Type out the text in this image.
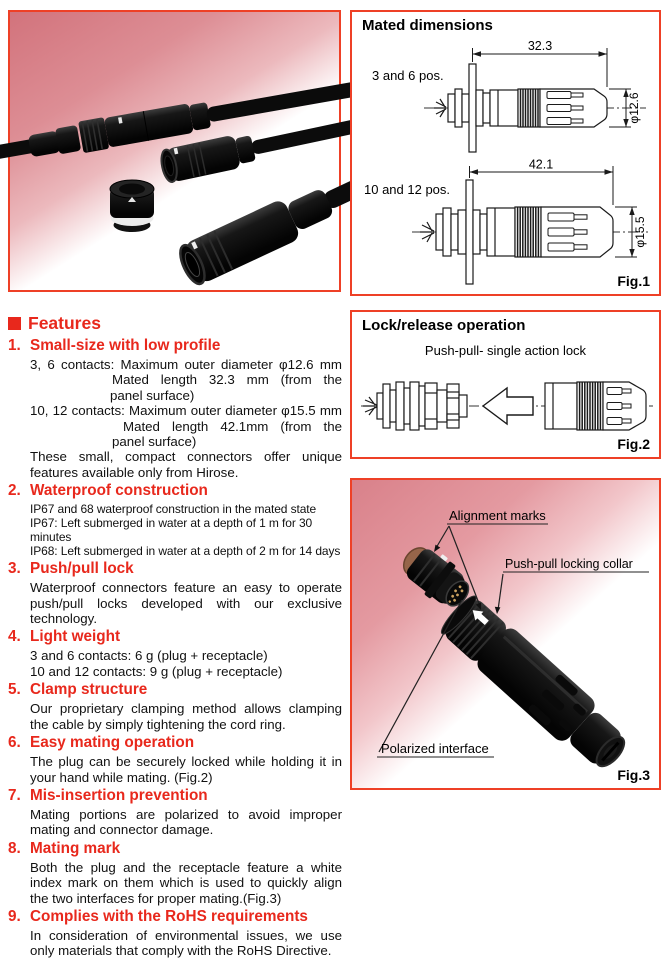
Mated dimensions
32.3
φ12.6
3 and 6 pos.
42.1
φ15.5
10 and 12 pos.
Fig.1
Features
1. Small-size with low profile
3, 6 contacts: Maximum outer diameter φ12.6 mm
Mated length 32.3 mm (from the
panel surface)
10, 12 contacts: Maximum outer diameter φ15.5 mm
Mated length 42.1mm (from the
panel surface)
These small, compact connectors offer unique
features available only from Hirose.
2. Waterproof construction
IP67 and 68 waterproof construction in the mated state
IP67: Left submerged in water at a depth of 1 m for 30 minutes
IP68: Left submerged in water at a depth of 2 m for 14 days
3. Push/pull lock
Waterproof connectors feature an easy to operate
push/pull locks developed with our exclusive
technology.
4. Light weight
3 and 6 contacts: 6 g (plug + receptacle)
10 and 12 contacts: 9 g (plug + receptacle)
5. Clamp structure
Our proprietary clamping method allows clamping
the cable by simply tightening the cord ring.
6. Easy mating operation
The plug can be securely locked while holding it in
your hand while mating. (Fig.2)
7. Mis-insertion prevention
Mating portions are polarized to avoid improper
mating and connector damage.
8. Mating mark
Both the plug and the receptacle feature a white
index mark on them which is used to quickly align
the two interfaces for proper mating.(Fig.3)
9. Complies with the RoHS requirements
In consideration of environmental issues, we use
only materials that comply with the RoHS Directive.
Lock/release operation
Push-pull- single action lock
Fig.2
Alignment marks
Push-pull locking collar
Polarized interface
Fig.3
